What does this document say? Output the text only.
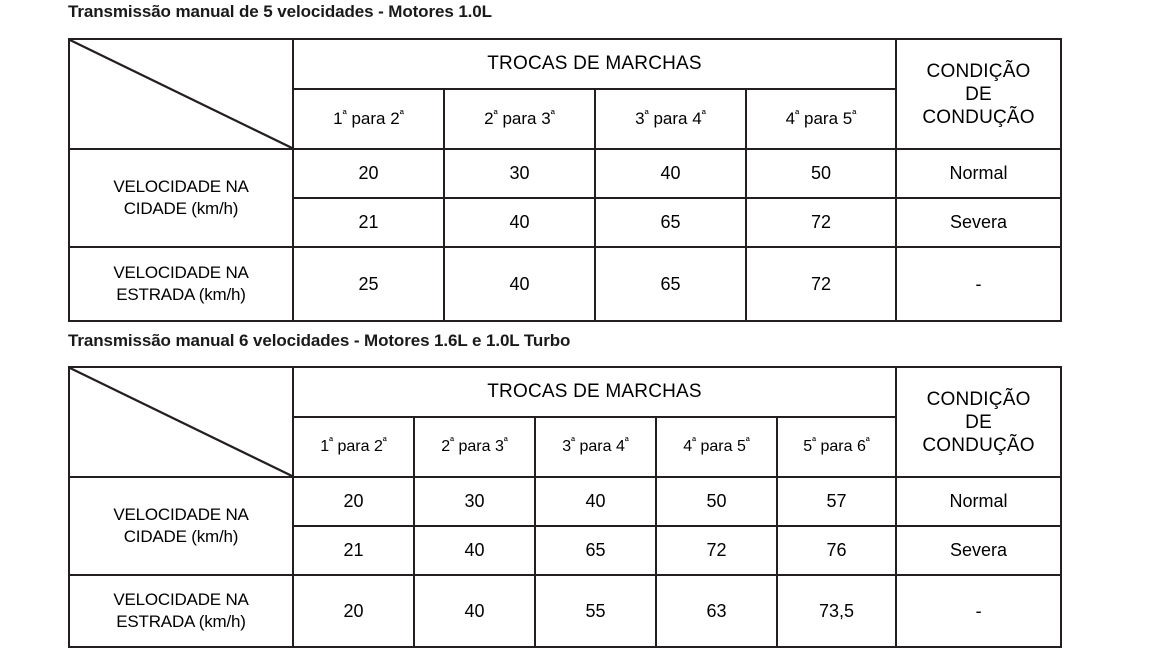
Transmissão manual de 5 velocidades - Motores 1.0L
	TROCAS DE MARCHAS				CONDIÇÃO
DE
CONDUÇÃO

	$1^ª$ para $2^ª$	$2^ª$ para $3^ª$	$3^ª$ para $4^ª$	$4^ª$ para $5^ª$

VELOCIDADE NA
CIDADE (km/h)	20	30	40	50	Normal
	21	40	65	72	Severa

VELOCIDADE NA
ESTRADA (km/h)	25	40	65	72	-
Transmissão manual 6 velocidades - Motores 1.6L e 1.0L Turbo
	TROCAS DE MARCHAS					CONDIÇÃO
DE
CONDUÇÃO

	$1^ª$ para $2^ª$	$2^ª$ para $3^ª$	$3^ª$ para $4^ª$	$4^ª$ para $5^ª$	$5^ª$ para $6^ª$

VELOCIDADE NA
CIDADE (km/h)	20	30	40	50	57	Normal
	21	40	65	72	76	Severa

VELOCIDADE NA
ESTRADA (km/h)	20	40	55	63	73,5	-
